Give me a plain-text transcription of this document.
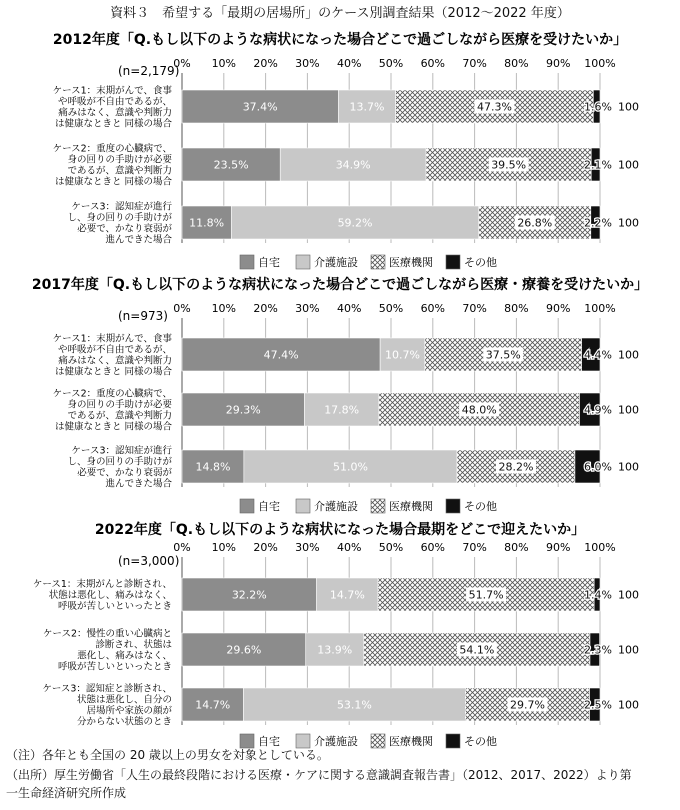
資料３　希望する「最期の居場所」のケース別調査結果（2012～2022 年度）
2012年度「Q.もし以下のような病状になった場合どこで過ごしながら医療を受けたいか」
(n=2,179)
0% 10% 20% 30% 40% 50% 60% 70% 80% 90% 100%
ケース1：末期がんで、食事
や呼吸が不自由であるが、
痛みはなく、意識や判断力
は健康なときと 同様の場合
37.4%	13.7%	47.3%	1.6% 100
ケース2：重度の心臓病で、
身の回りの手助けが必要
であるが、意識や判断力
は健康なときと 同様の場合
23.5%	34.9%	39.5%	2.1% 100
ケース3：認知症が進行
し、身の回りの手助けが
必要で、かなり衰弱が
進んできた場合
11.8%	59.2%	26.8%	2.2% 100
自宅	介護施設	医療機関	その他
2017年度「Q.もし以下のような病状になった場合どこで過ごしながら医療・療養を受けたいか」
(n=973)
0% 10% 20% 30% 40% 50% 60% 70% 80% 90% 100%
ケース1：末期がんで、食事
や呼吸が不自由であるが、
痛みはなく、意識や判断力
は健康なときと 同様の場合
47.4%	10.7%	37.5%	4.4% 100
ケース2：重度の心臓病で、
身の回りの手助けが必要
であるが、意識や判断力
は健康なときと 同様の場合
29.3%	17.8%	48.0%	4.9% 100
ケース3：認知症が進行
し、身の回りの手助けが
必要で、かなり衰弱が
進んできた場合
14.8%	51.0%	28.2%	6.0% 100
自宅	介護施設	医療機関	その他
2022年度「Q.もし以下のような病状になった場合最期をどこで迎えたいか」
(n=3,000)
0% 10% 20% 30% 40% 50% 60% 70% 80% 90% 100%
ケース1：末期がんと診断され、
状態は悪化し、痛みはなく、
呼吸が苦しいといったとき
32.2%	14.7%	51.7%	1.4% 100
ケース2：慢性の重い心臓病と
診断され、状態は
悪化し、痛みはなく、
呼吸が苦しいといったとき
29.6%	13.9%	54.1%	2.3% 100
ケース3：認知症と診断され、
状態は悪化し、自分の
居場所や家族の顔が
分からない状態のとき
14.7%	53.1%	29.7%	2.5% 100
自宅	介護施設	医療機関	その他
（注）各年とも全国の 20 歳以上の男女を対象としている。
（出所）厚生労働省「人生の最終段階における医療・ケアに関する意識調査報告書」（2012、2017、2022）より第
一生命経済研究所作成
